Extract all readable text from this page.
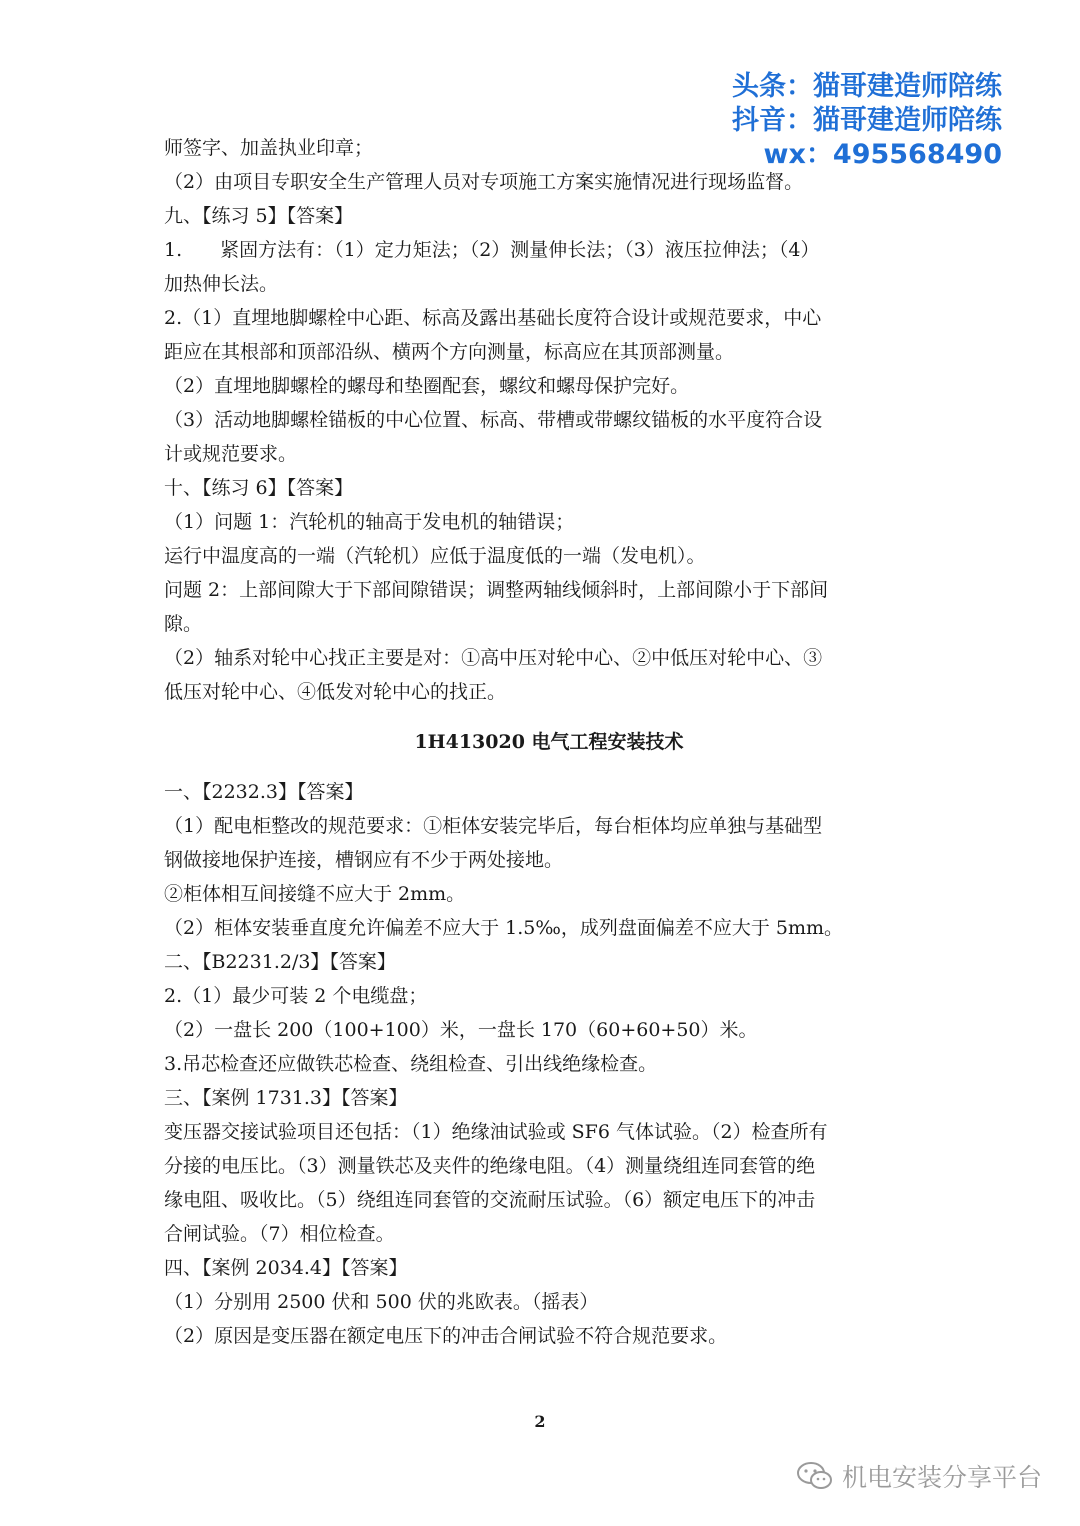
头条：猫哥建造师陪练
抖音：猫哥建造师陪练
wx：495568490
师签字、加盖执业印章；
（2）由项目专职安全生产管理人员对专项施工方案实施情况进行现场监督。
九、【练习 5】【答案】
1.　　紧固方法有：（1）定力矩法；（2）测量伸长法；（3）液压拉伸法；（4）
加热伸长法。
2.（1）直埋地脚螺栓中心距、标高及露出基础长度符合设计或规范要求，中心
距应在其根部和顶部沿纵、横两个方向测量，标高应在其顶部测量。
（2）直埋地脚螺栓的螺母和垫圈配套，螺纹和螺母保护完好。
（3）活动地脚螺栓锚板的中心位置、标高、带槽或带螺纹锚板的水平度符合设
计或规范要求。
十、【练习 6】【答案】
（1）问题 1：汽轮机的轴高于发电机的轴错误；
运行中温度高的一端（汽轮机）应低于温度低的一端（发电机）。
问题 2：上部间隙大于下部间隙错误；调整两轴线倾斜时，上部间隙小于下部间
隙。
（2）轴系对轮中心找正主要是对：①高中压对轮中心、②中低压对轮中心、③
低压对轮中心、④低发对轮中心的找正。
1H413020 电气工程安装技术
一、【2232.3】【答案】
（1）配电柜整改的规范要求：①柜体安装完毕后，每台柜体均应单独与基础型
钢做接地保护连接，槽钢应有不少于两处接地。
②柜体相互间接缝不应大于 2mm。
（2）柜体安装垂直度允许偏差不应大于 1.5‰，成列盘面偏差不应大于 5mm。
二、【B2231.2/3】【答案】
2.（1）最少可装 2 个电缆盘；
（2）一盘长 200（100+100）米，一盘长 170（60+60+50）米。
3.吊芯检查还应做铁芯检查、绕组检查、引出线绝缘检查。
三、【案例 1731.3】【答案】
变压器交接试验项目还包括：（1）绝缘油试验或 SF6 气体试验。（2）检查所有
分接的电压比。（3）测量铁芯及夹件的绝缘电阻。（4）测量绕组连同套管的绝
缘电阻、吸收比。（5）绕组连同套管的交流耐压试验。（6）额定电压下的冲击
合闸试验。（7）相位检查。
四、【案例 2034.4】【答案】
（1）分别用 2500 伏和 500 伏的兆欧表。（摇表）
（2）原因是变压器在额定电压下的冲击合闸试验不符合规范要求。
2
机电安装分享平台
